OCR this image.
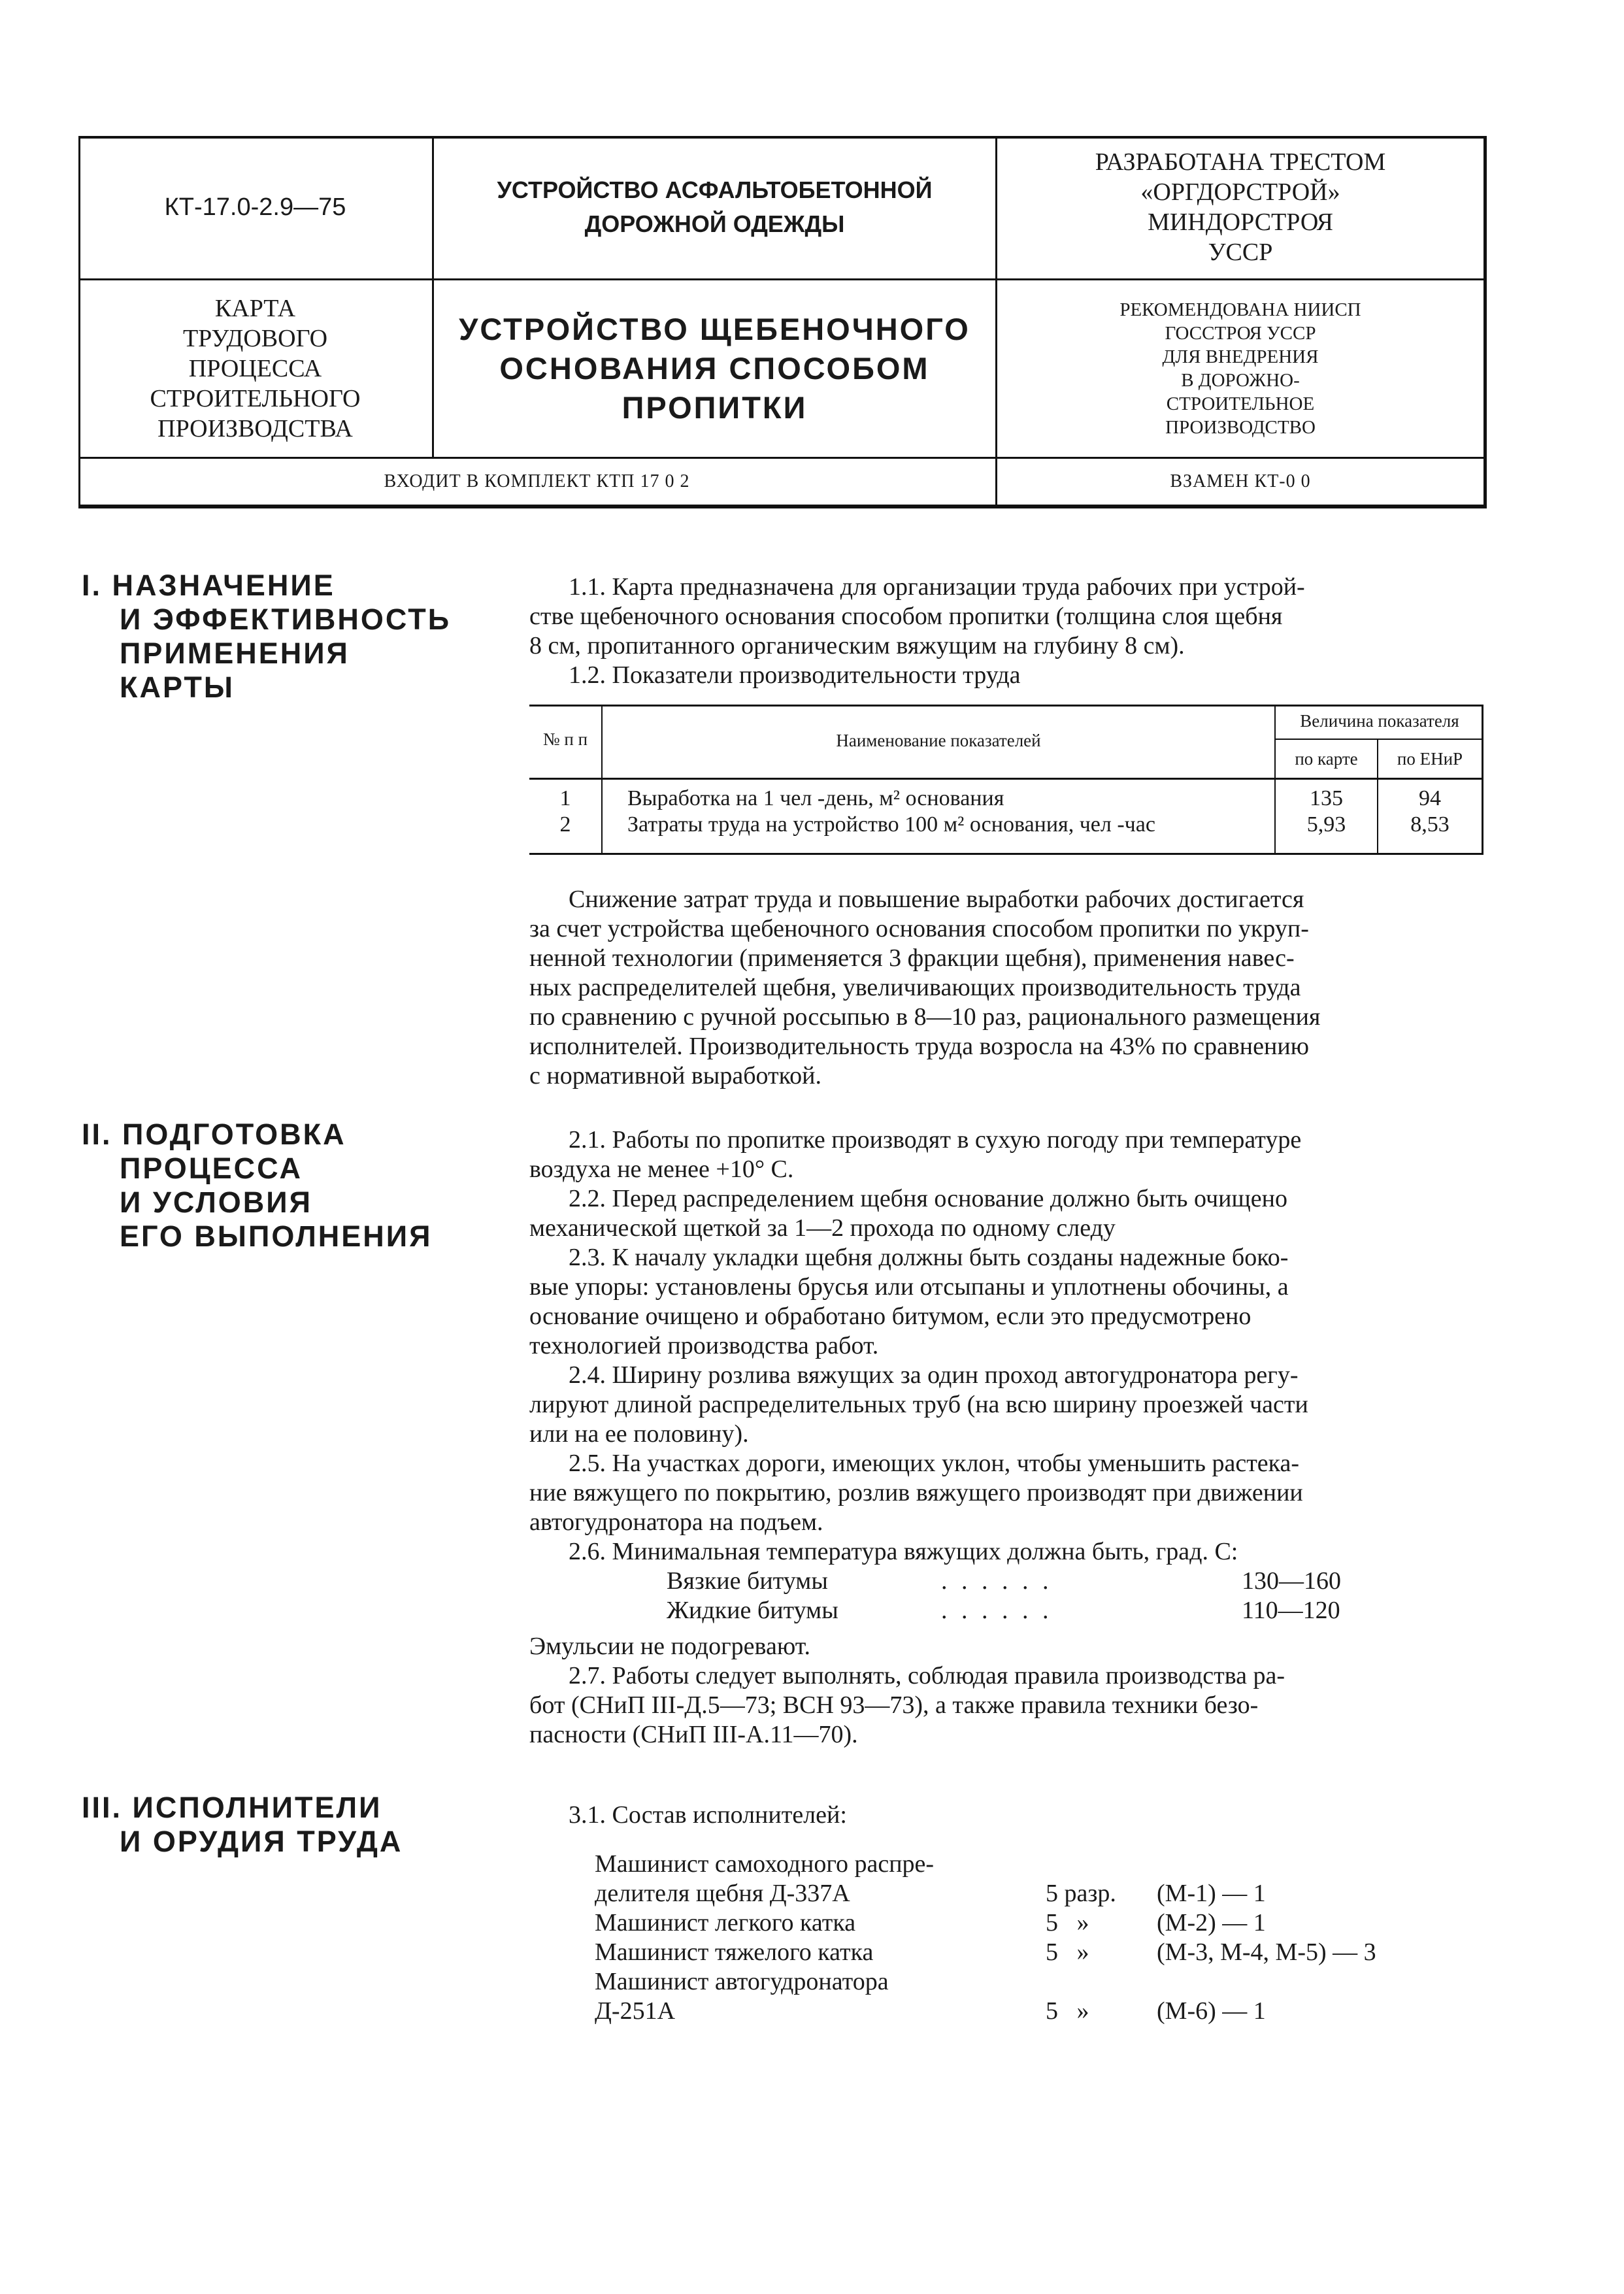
КТ-17.0-2.9—75
УСТРОЙСТВО АСФАЛЬТОБЕТОННОЙ
ДОРОЖНОЙ ОДЕЖДЫ
РАЗРАБОТАНА ТРЕСТОМ
«ОРГДОРСТРОЙ»
МИНДОРСТРОЯ
УССР
КАРТА
ТРУДОВОГО
ПРОЦЕССА
СТРОИТЕЛЬНОГО
ПРОИЗВОДСТВА
УСТРОЙСТВО ЩЕБЕНОЧНОГО
ОСНОВАНИЯ СПОСОБОМ
ПРОПИТКИ
РЕКОМЕНДОВАНА НИИСП
ГОССТРОЯ УССР
ДЛЯ ВНЕДРЕНИЯ
В ДОРОЖНО-
СТРОИТЕЛЬНОЕ
ПРОИЗВОДСТВО
ВХОДИТ В КОМПЛЕКТ КТП 17 0 2	ВЗАМЕН КТ-0 0
I. НАЗНАЧЕНИЕ
И ЭФФЕКТИВНОСТЬ
ПРИМЕНЕНИЯ
КАРТЫ

1.1. Карта предназначена для организации труда рабочих при устрой-

стве щебеночного основания способом пропитки (толщина слоя щебня

8 см, пропитанного органическим вяжущим на глубину 8 см).

1.2. Показатели производительности труда

№ п п	Наименование показателей
Величина показателя
по карте	по ЕНиР
1	Выработка на 1 чел -день, м² основания	135	94
2	Затраты труда на устройство 100 м² основания, чел -час	5,93	8,53

Снижение затрат труда и повышение выработки рабочих достигается

за счет устройства щебеночного основания способом пропитки по укруп-

ненной технологии (применяется 3 фракции щебня), применения навес-

ных распределителей щебня, увеличивающих производительность труда

по сравнению с ручной россыпью в 8—10 раз, рационального размещения

исполнителей. Производительность труда возросла на 43% по сравнению

с нормативной выработкой.

II. ПОДГОТОВКА
ПРОЦЕССА
И УСЛОВИЯ
ЕГО ВЫПОЛНЕНИЯ

2.1. Работы по пропитке производят в сухую погоду при температуре

воздуха не менее +10° С.

2.2. Перед распределением щебня основание должно быть очищено

механической щеткой за 1—2 прохода по одному следу

2.3. К началу укладки щебня должны быть созданы надежные боко-

вые упоры: установлены брусья или отсыпаны и уплотнены обочины, а

основание очищено и обработано битумом, если это предусмотрено

технологией производства работ.

2.4. Ширину розлива вяжущих за один проход автогудронатора регу-

лируют длиной распределительных труб (на всю ширину проезжей части

или на ее половину).

2.5. На участках дороги, имеющих уклон, чтобы уменьшить растека-

ние вяжущего по покрытию, розлив вяжущего производят при движении

автогудронатора на подъем.

2.6. Минимальная температура вяжущих должна быть, град. С:

Вязкие битумы	. . . . . .	130—160
Жидкие битумы	. . . . . .	110—120

Эмульсии не подогревают.

2.7. Работы следует выполнять, соблюдая правила производства ра-

бот (СНиП III-Д.5—73; ВСН 93—73), а также правила техники безо-

пасности (СНиП III-А.11—70).

III. ИСПОЛНИТЕЛИ
И ОРУДИЯ ТРУДА

3.1. Состав исполнителей:

Машинист самоходного распре-
делителя щебня Д-337А	5 разр.	(М-1) — 1
Машинист легкого катка	5   »	(М-2) — 1
Машинист тяжелого катка	5   »	(М-3, М-4, М-5) — 3
Машинист автогудронатора
Д-251А	5   »	(М-6) — 1
